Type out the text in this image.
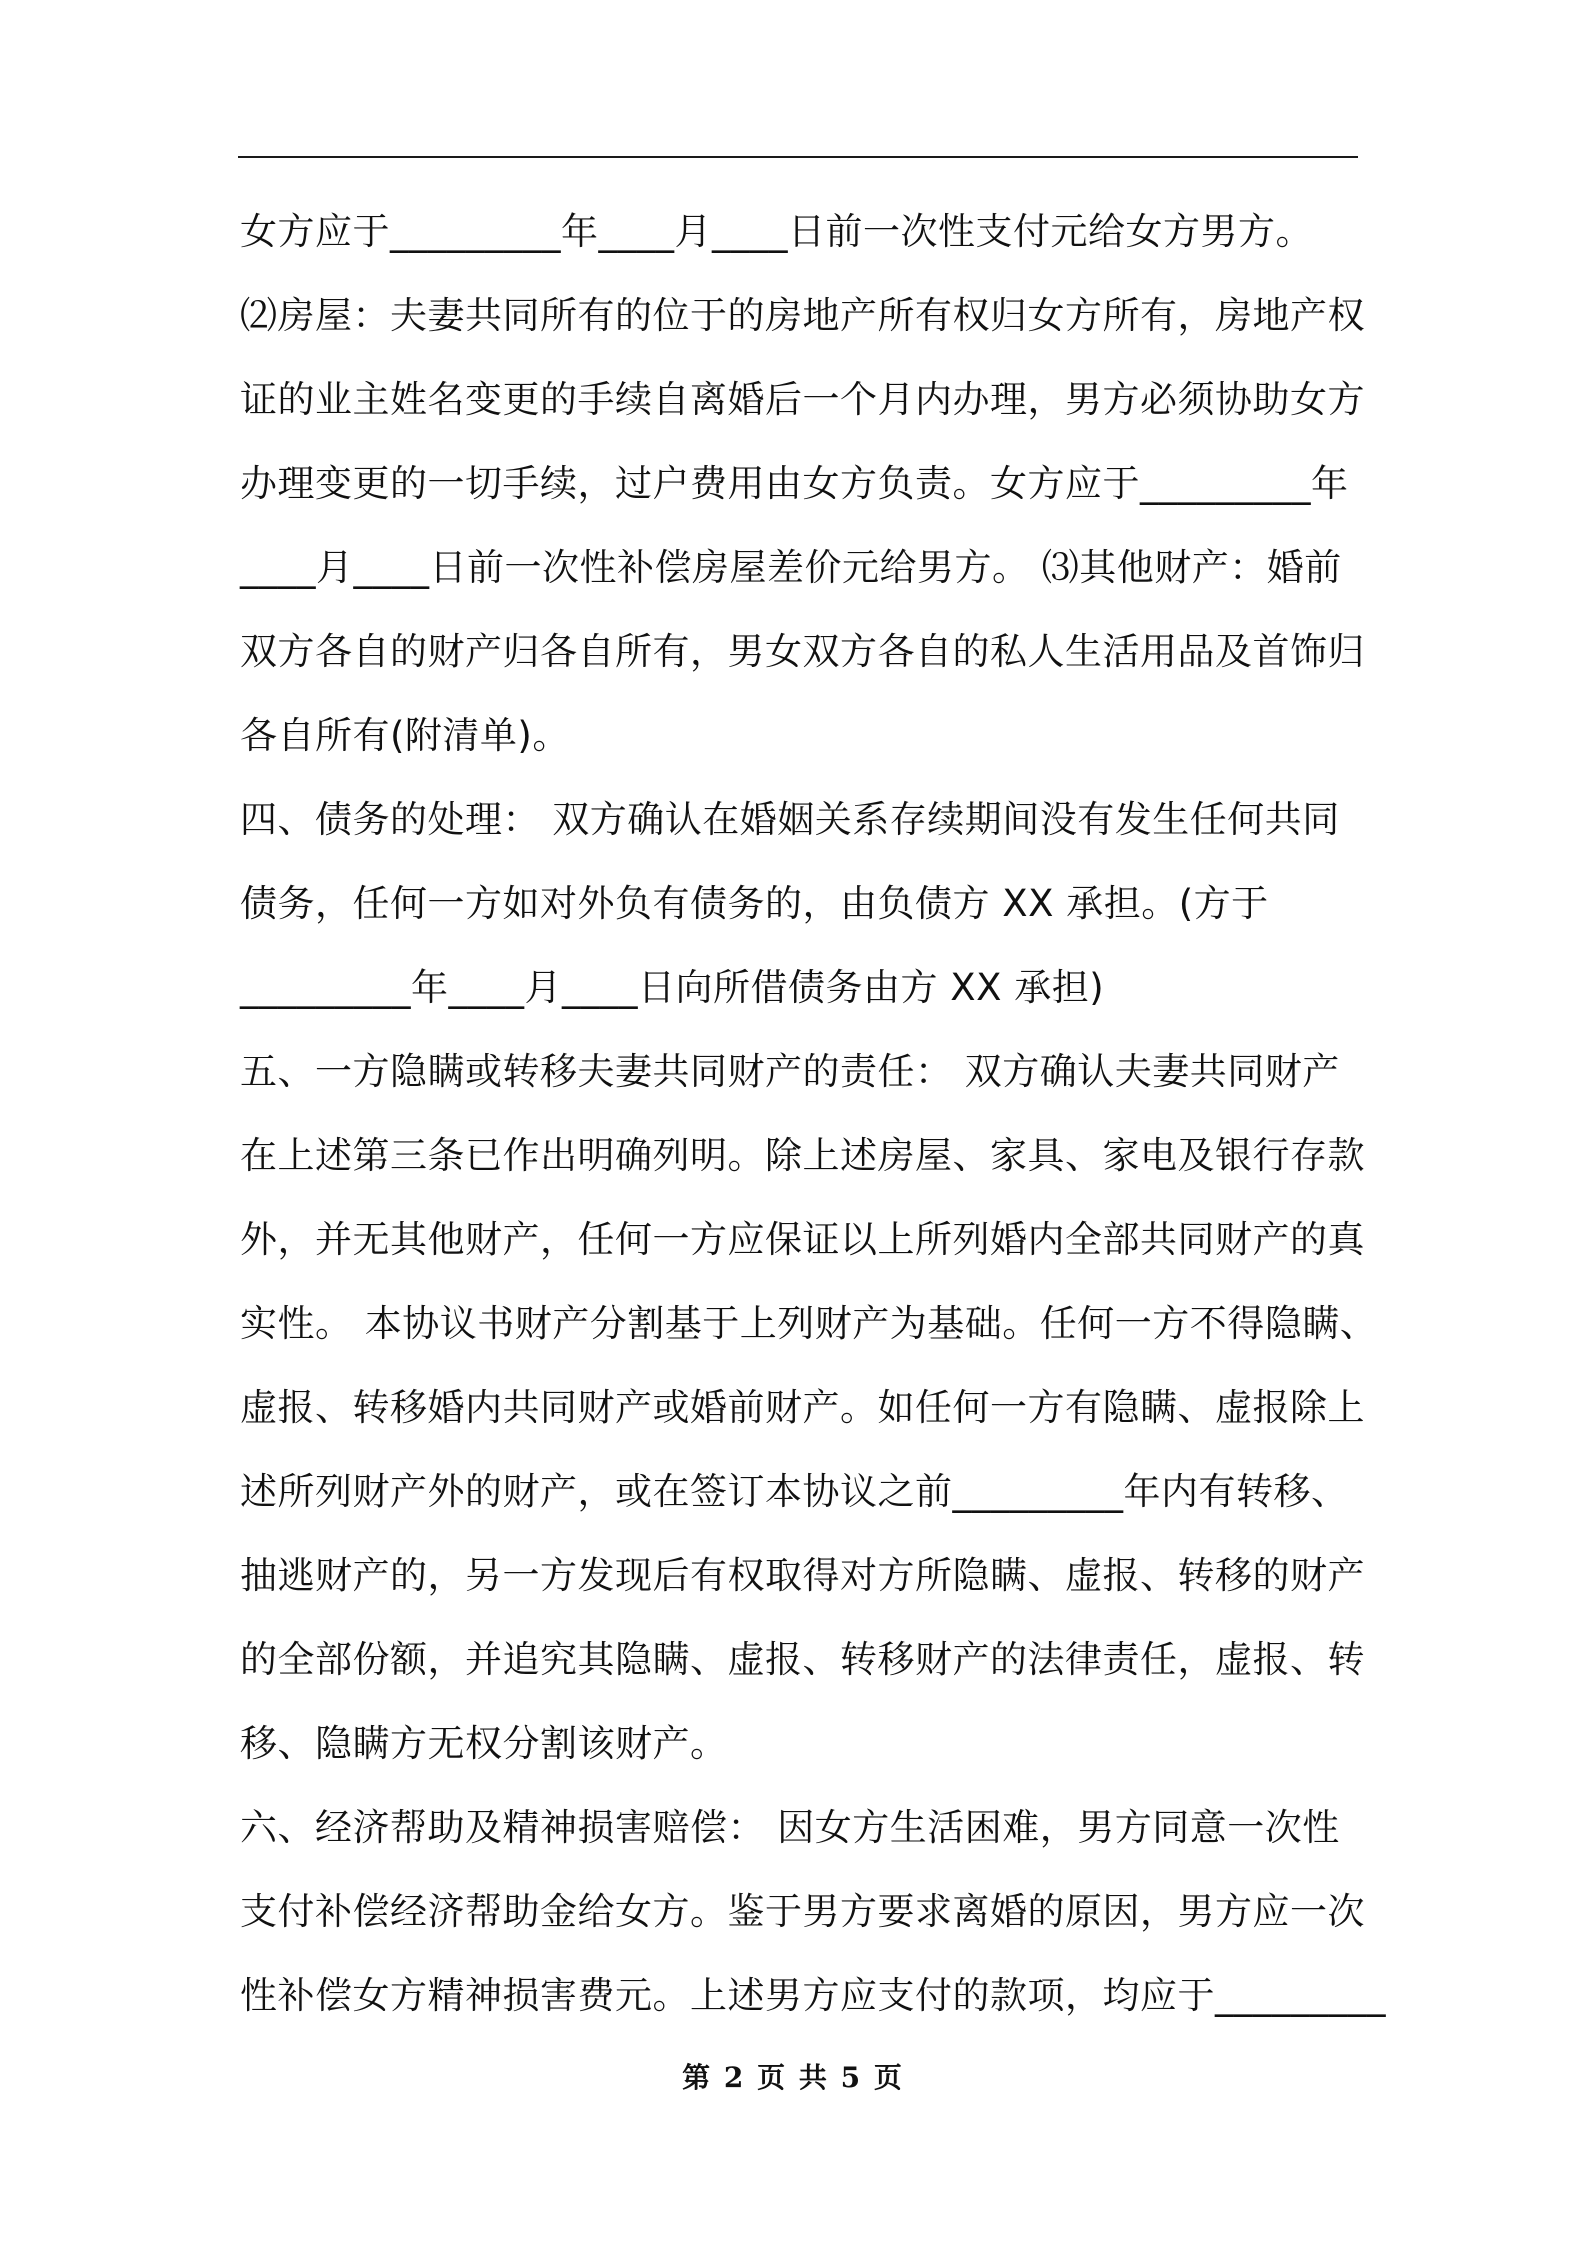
女方应于_________年____月____日前一次性支付元给女方男方。
⑵房屋：夫妻共同所有的位于的房地产所有权归女方所有，房地产权
证的业主姓名变更的手续自离婚后一个月内办理，男方必须协助女方
办理变更的一切手续，过户费用由女方负责。女方应于_________年
____月____日前一次性补偿房屋差价元给男方。 ⑶其他财产：婚前
双方各自的财产归各自所有，男女双方各自的私人生活用品及首饰归
各自所有(附清单)。
四、债务的处理： 双方确认在婚姻关系存续期间没有发生任何共同
债务，任何一方如对外负有债务的，由负债方 XX 承担。(方于
_________年____月____日向所借债务由方 XX 承担)
五、一方隐瞒或转移夫妻共同财产的责任： 双方确认夫妻共同财产
在上述第三条已作出明确列明。除上述房屋、家具、家电及银行存款
外，并无其他财产，任何一方应保证以上所列婚内全部共同财产的真
实性。 本协议书财产分割基于上列财产为基础。任何一方不得隐瞒、
虚报、转移婚内共同财产或婚前财产。如任何一方有隐瞒、虚报除上
述所列财产外的财产，或在签订本协议之前_________年内有转移、
抽逃财产的，另一方发现后有权取得对方所隐瞒、虚报、转移的财产
的全部份额，并追究其隐瞒、虚报、转移财产的法律责任，虚报、转
移、隐瞒方无权分割该财产。
六、经济帮助及精神损害赔偿： 因女方生活困难，男方同意一次性
支付补偿经济帮助金给女方。鉴于男方要求离婚的原因，男方应一次
性补偿女方精神损害费元。上述男方应支付的款项，均应于_________
第 2 页 共 5 页
